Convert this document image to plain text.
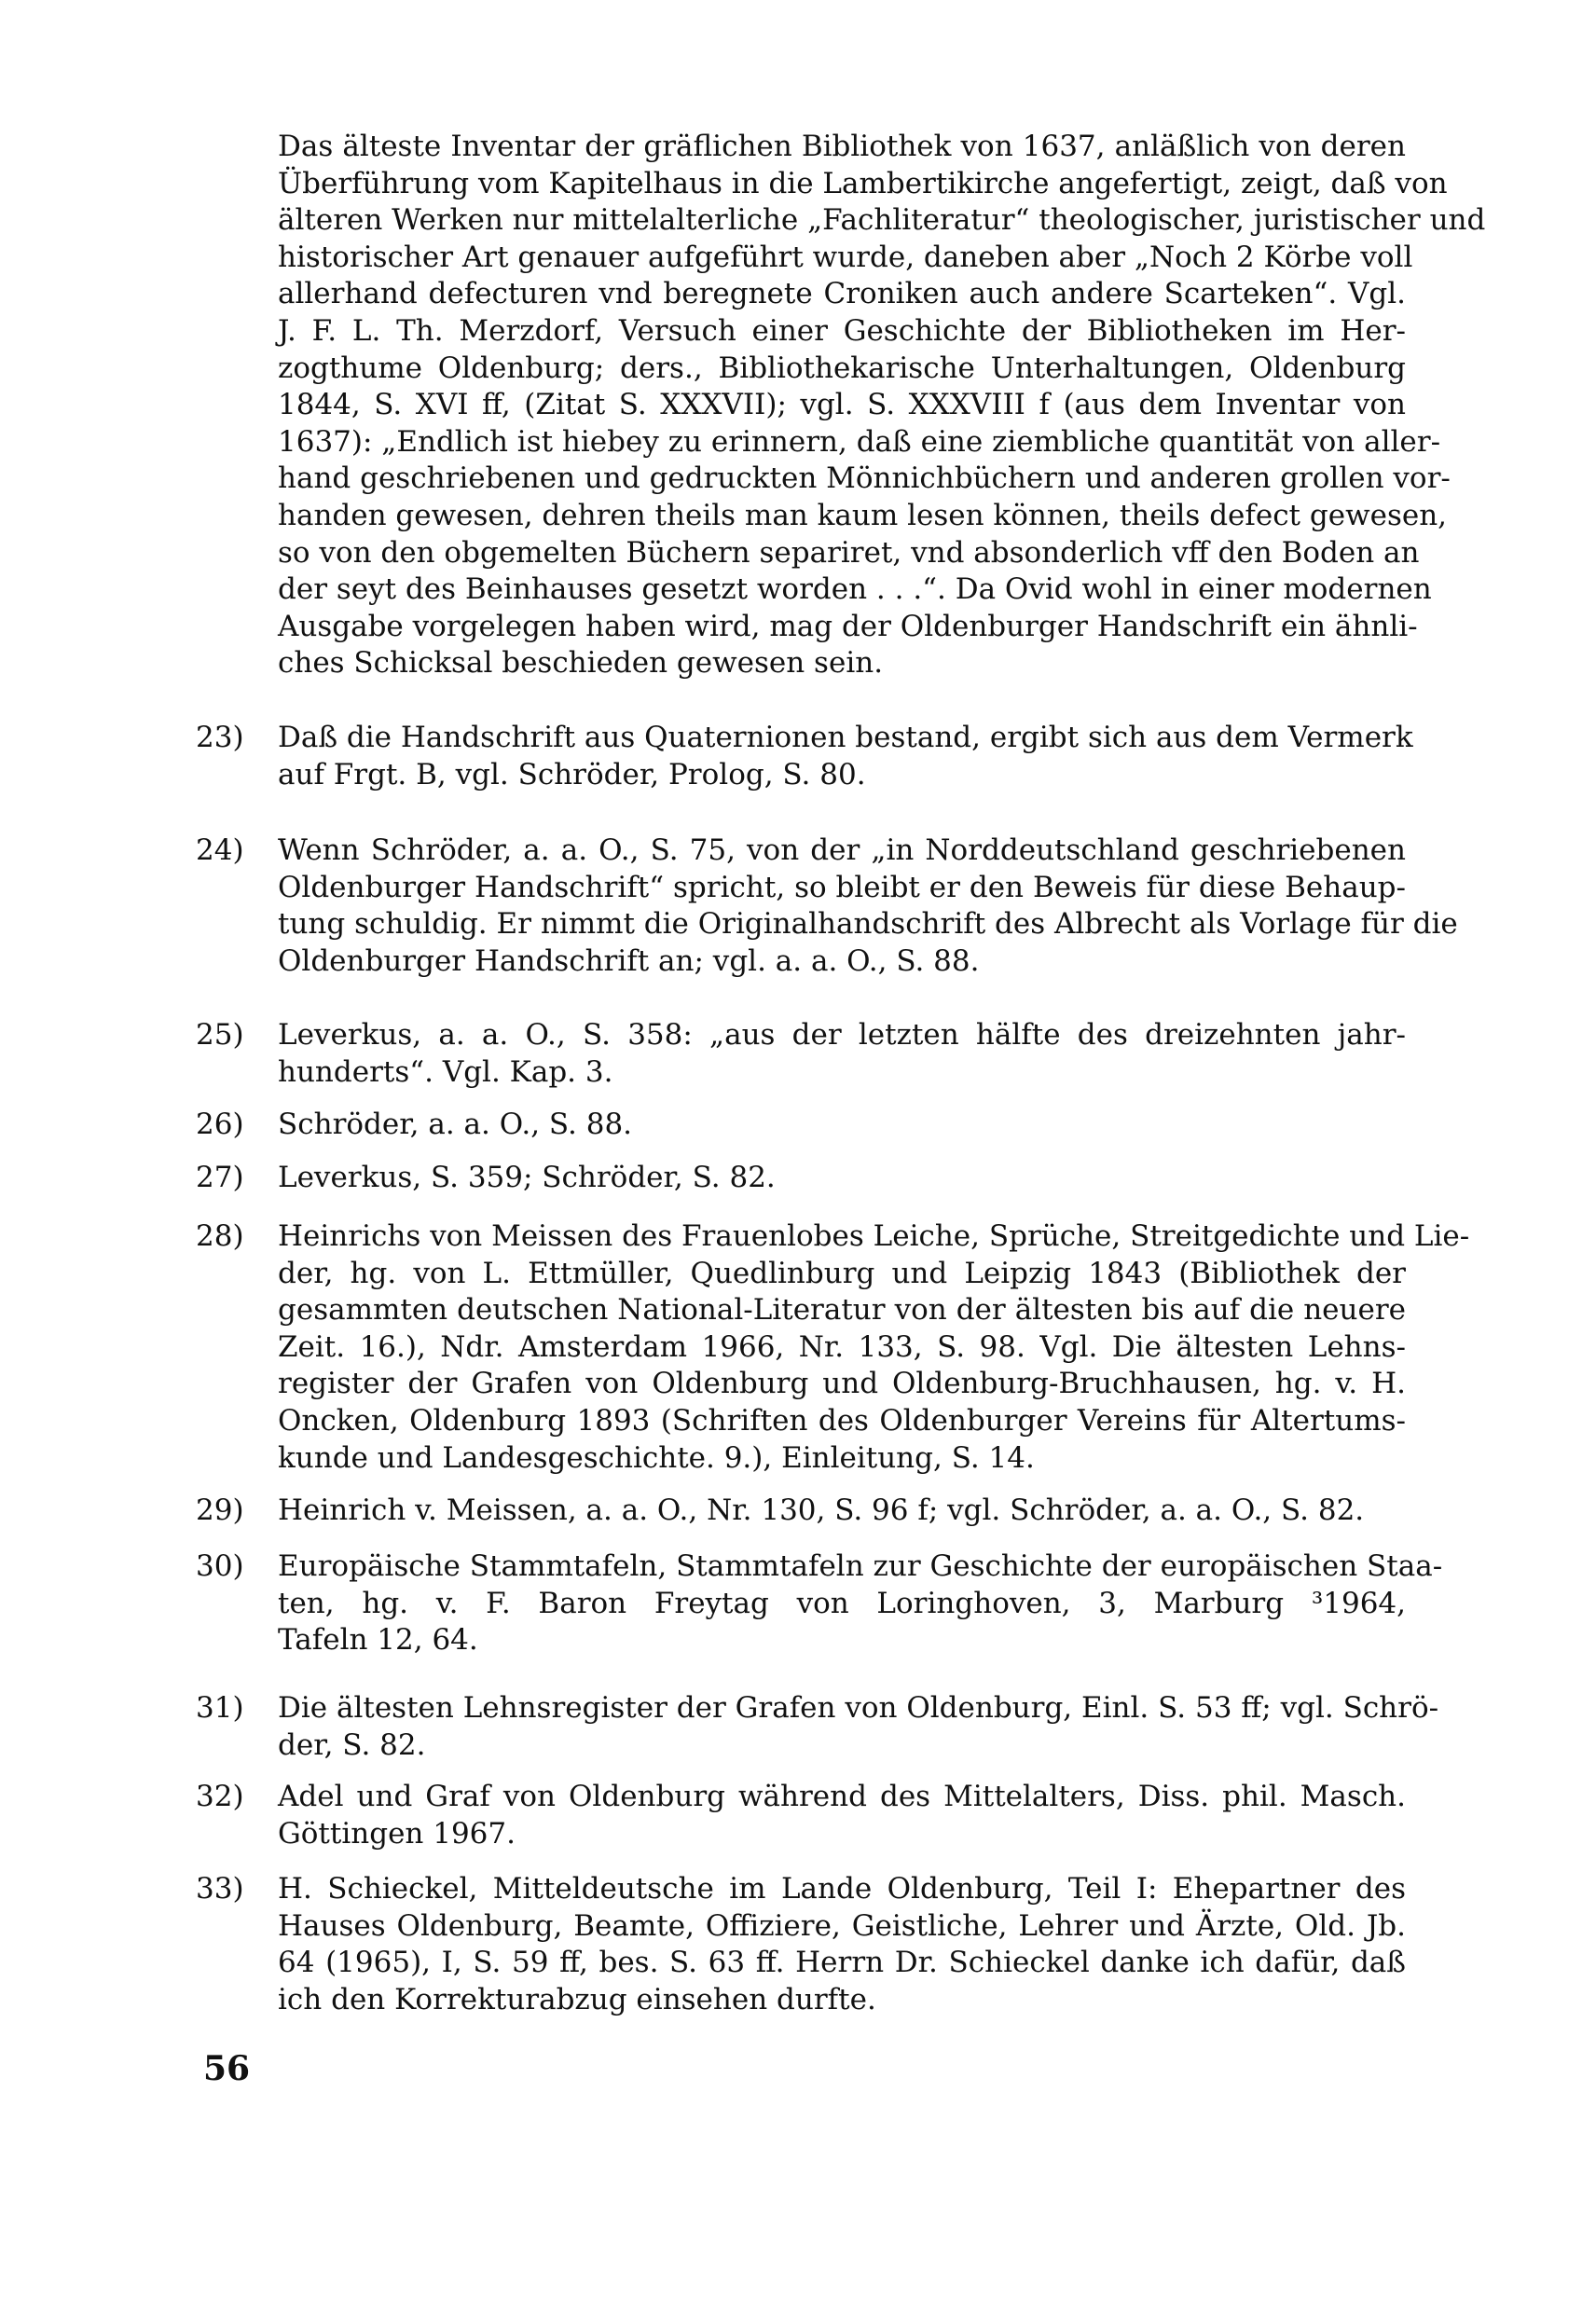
Das älteste Inventar der gräflichen Bibliothek von 1637, anläßlich von deren
Überführung vom Kapitelhaus in die Lambertikirche angefertigt, zeigt, daß von
älteren Werken nur mittelalterliche „Fachliteratur“ theologischer, juristischer und
historischer Art genauer aufgeführt wurde, daneben aber „Noch 2 Körbe voll
allerhand defecturen vnd beregnete Croniken auch andere Scarteken“. Vgl.
J. F. L. Th. Merzdorf, Versuch einer Geschichte der Bibliotheken im Her-
zogthume Oldenburg; ders., Bibliothekarische Unterhaltungen, Oldenburg
1844, S. XVI ff, (Zitat S. XXXVII); vgl. S. XXXVIII f (aus dem Inventar von
1637): „Endlich ist hiebey zu erinnern, daß eine ziembliche quantität von aller-
hand geschriebenen und gedruckten Mönnichbüchern und anderen grollen vor-
handen gewesen, dehren theils man kaum lesen können, theils defect gewesen,
so von den obgemelten Büchern separiret, vnd absonderlich vff den Boden an
der seyt des Beinhauses gesetzt worden . . .“. Da Ovid wohl in einer modernen
Ausgabe vorgelegen haben wird, mag der Oldenburger Handschrift ein ähnli-
ches Schicksal beschieden gewesen sein.
23)	Daß die Handschrift aus Quaternionen bestand, ergibt sich aus dem Vermerk
auf Frgt. B, vgl. Schröder, Prolog, S. 80.
24)	Wenn Schröder, a. a. O., S. 75, von der „in Norddeutschland geschriebenen
Oldenburger Handschrift“ spricht, so bleibt er den Beweis für diese Behaup-
tung schuldig. Er nimmt die Originalhandschrift des Albrecht als Vorlage für die
Oldenburger Handschrift an; vgl. a. a. O., S. 88.
25)	Leverkus, a. a. O., S. 358: „aus der letzten hälfte des dreizehnten jahr-
hunderts“. Vgl. Kap. 3.
26)	Schröder, a. a. O., S. 88.
27)	Leverkus, S. 359; Schröder, S. 82.
28)	Heinrichs von Meissen des Frauenlobes Leiche, Sprüche, Streitgedichte und Lie-
der, hg. von L. Ettmüller, Quedlinburg und Leipzig 1843 (Bibliothek der
gesammten deutschen National-Literatur von der ältesten bis auf die neuere
Zeit. 16.), Ndr. Amsterdam 1966, Nr. 133, S. 98. Vgl. Die ältesten Lehns-
register der Grafen von Oldenburg und Oldenburg-Bruchhausen, hg. v. H.
Oncken, Oldenburg 1893 (Schriften des Oldenburger Vereins für Altertums-
kunde und Landesgeschichte. 9.), Einleitung, S. 14.
29)	Heinrich v. Meissen, a. a. O., Nr. 130, S. 96 f; vgl. Schröder, a. a. O., S. 82.
30)	Europäische Stammtafeln, Stammtafeln zur Geschichte der europäischen Staa-
ten, hg. v. F. Baron Freytag von Loringhoven, 3, Marburg ³1964,
Tafeln 12, 64.
31)	Die ältesten Lehnsregister der Grafen von Oldenburg, Einl. S. 53 ff; vgl. Schrö-
der, S. 82.
32)	Adel und Graf von Oldenburg während des Mittelalters, Diss. phil. Masch.
Göttingen 1967.
33)	H. Schieckel, Mitteldeutsche im Lande Oldenburg, Teil I: Ehepartner des
Hauses Oldenburg, Beamte, Offiziere, Geistliche, Lehrer und Ärzte, Old. Jb.
64 (1965), I, S. 59 ff, bes. S. 63 ff. Herrn Dr. Schieckel danke ich dafür, daß
ich den Korrekturabzug einsehen durfte.
56
